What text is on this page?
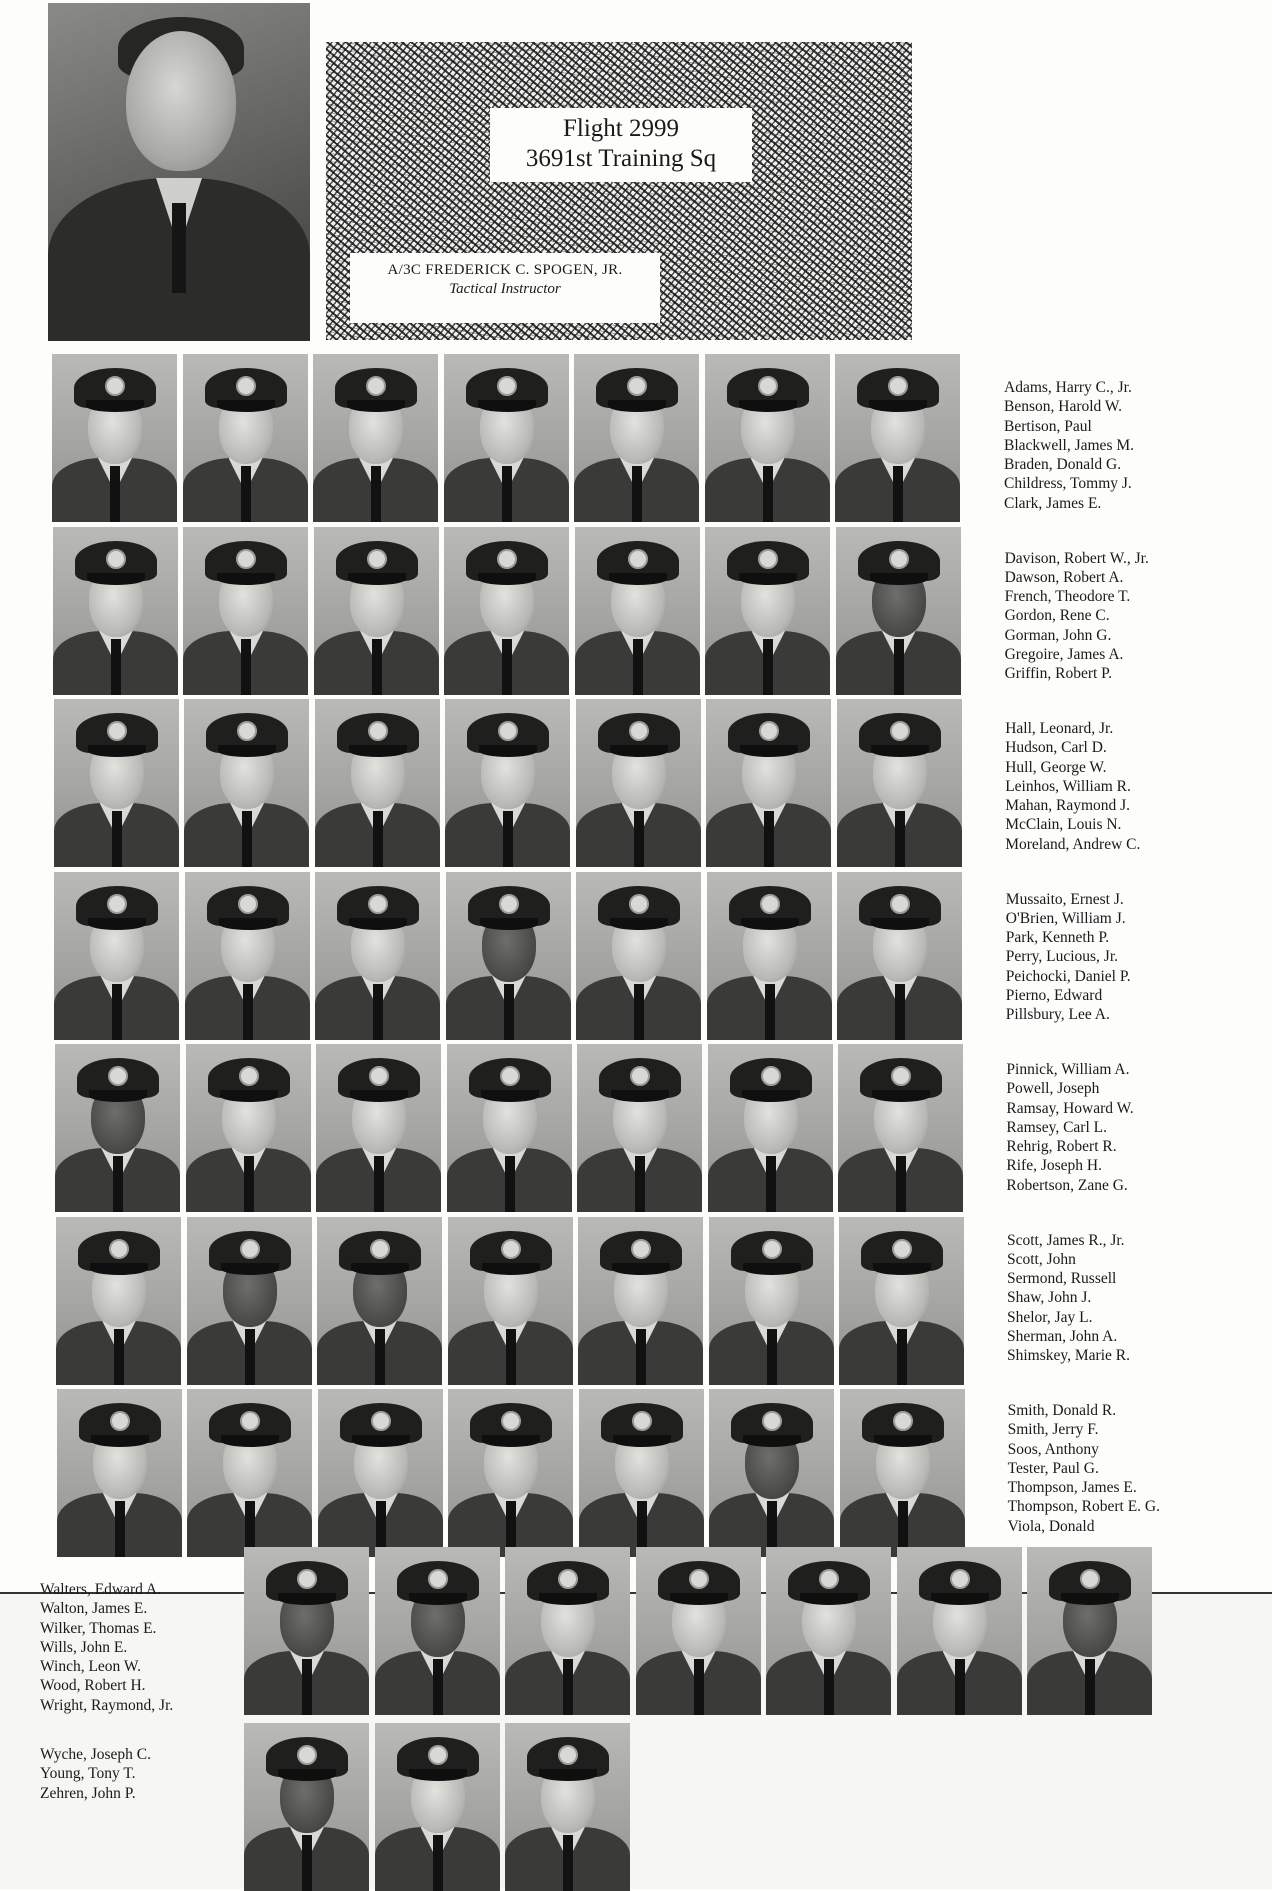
Flight 2999
3691st Training Sq
A/3C FREDERICK C. SPOGEN, JR.
Tactical Instructor
Adams, Harry C., Jr.
Benson, Harold W.
Bertison, Paul
Blackwell, James M.
Braden, Donald G.
Childress, Tommy J.
Clark, James E.
Davison, Robert W., Jr.
Dawson, Robert A.
French, Theodore T.
Gordon, Rene C.
Gorman, John G.
Gregoire, James A.
Griffin, Robert P.
Hall, Leonard, Jr.
Hudson, Carl D.
Hull, George W.
Leinhos, William R.
Mahan, Raymond J.
McClain, Louis N.
Moreland, Andrew C.
Mussaito, Ernest J.
O'Brien, William J.
Park, Kenneth P.
Perry, Lucious, Jr.
Peichocki, Daniel P.
Pierno, Edward
Pillsbury, Lee A.
Pinnick, William A.
Powell, Joseph
Ramsay, Howard W.
Ramsey, Carl L.
Rehrig, Robert R.
Rife, Joseph H.
Robertson, Zane G.
Scott, James R., Jr.
Scott, John
Sermond, Russell
Shaw, John J.
Shelor, Jay L.
Sherman, John A.
Shimskey, Marie R.
Smith, Donald R.
Smith, Jerry F.
Soos, Anthony
Tester, Paul G.
Thompson, James E.
Thompson, Robert E. G.
Viola, Donald
Walters, Edward A.
Walton, James E.
Wilker, Thomas E.
Wills, John E.
Winch, Leon W.
Wood, Robert H.
Wright, Raymond, Jr.
Wyche, Joseph C.
Young, Tony T.
Zehren, John P.
